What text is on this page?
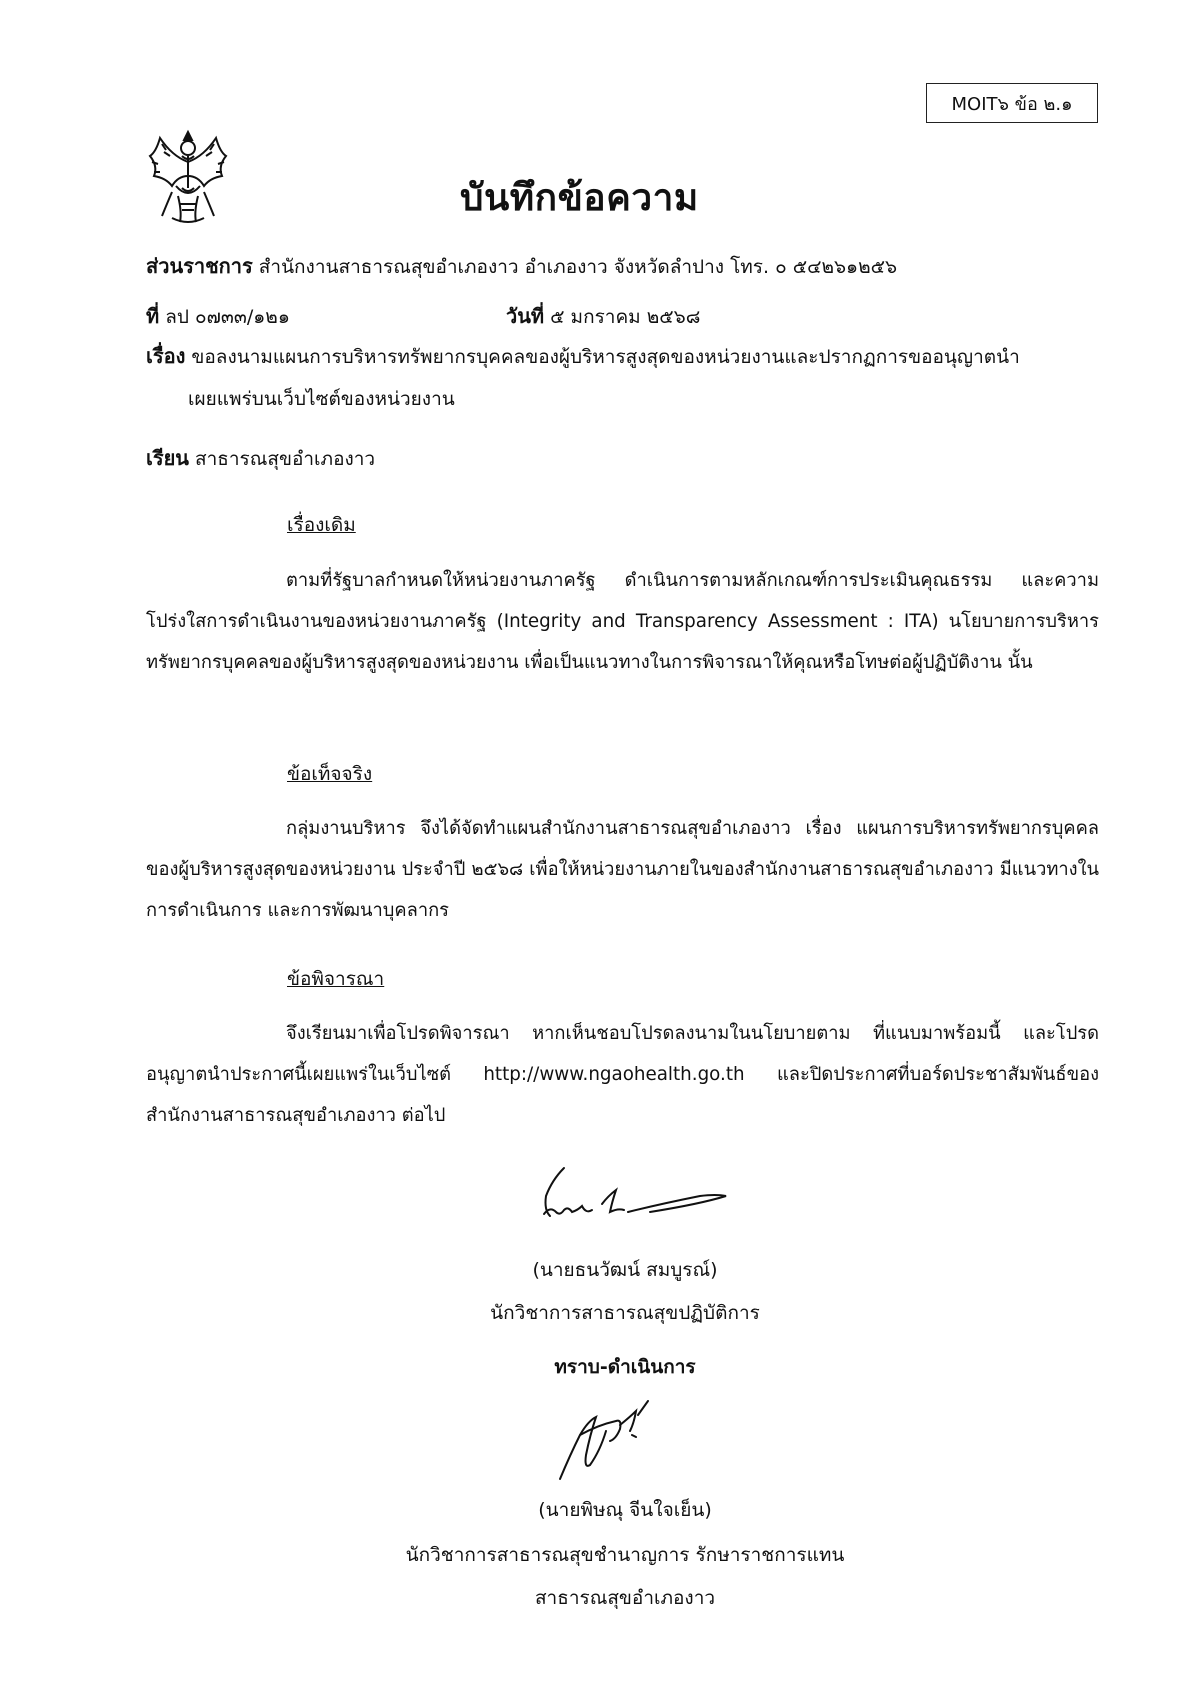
MOIT๖ ข้อ ๒.๑
บันทึกข้อความ
ส่วนราชการ สำนักงานสาธารณสุขอำเภองาว อำเภองาว จังหวัดลำปาง โทร. ๐ ๕๔๒๖๑๒๕๖
ที่ ลป ๐๗๓๓/๑๒๑	วันที่ ๕ มกราคม ๒๕๖๘
เรื่อง ขอลงนามแผนการบริหารทรัพยากรบุคคลของผู้บริหารสูงสุดของหน่วยงานและปรากฏการขออนุญาตนำ
เผยแพร่บนเว็บไซต์ของหน่วยงาน
เรียน สาธารณสุขอำเภองาว
เรื่องเดิม

ตามที่รัฐบาลกำหนดให้หน่วยงานภาครัฐ ดำเนินการตามหลักเกณฑ์การประเมินคุณธรรม และความโปร่งใสการดำเนินงานของหน่วยงานภาครัฐ (Integrity and Transparency Assessment : ITA) นโยบายการบริหารทรัพยากรบุคคลของผู้บริหารสูงสุดของหน่วยงาน เพื่อเป็นแนวทางในการพิจารณาให้คุณหรือโทษต่อผู้ปฏิบัติงาน นั้น

ข้อเท็จจริง

กลุ่มงานบริหาร จึงได้จัดทำแผนสำนักงานสาธารณสุขอำเภองาว เรื่อง แผนการบริหารทรัพยากรบุคคลของผู้บริหารสูงสุดของหน่วยงาน ประจำปี ๒๕๖๘ เพื่อให้หน่วยงานภายในของสำนักงานสาธารณสุขอำเภองาว มีแนวทางในการดำเนินการ และการพัฒนาบุคลากร

ข้อพิจารณา

จึงเรียนมาเพื่อโปรดพิจารณา หากเห็นชอบโปรดลงนามในนโยบายตาม ที่แนบมาพร้อมนี้ และโปรดอนุญาตนำประกาศนี้เผยแพร่ในเว็บไซต์ http://www.ngaohealth.go.th และปิดประกาศที่บอร์ดประชาสัมพันธ์ของสำนักงานสาธารณสุขอำเภองาว ต่อไป

(นายธนวัฒน์ สมบูรณ์)
นักวิชาการสาธารณสุขปฏิบัติการ
ทราบ-ดำเนินการ
(นายพิษณุ จีนใจเย็น)
นักวิชาการสาธารณสุขชำนาญการ รักษาราชการแทน
สาธารณสุขอำเภองาว
